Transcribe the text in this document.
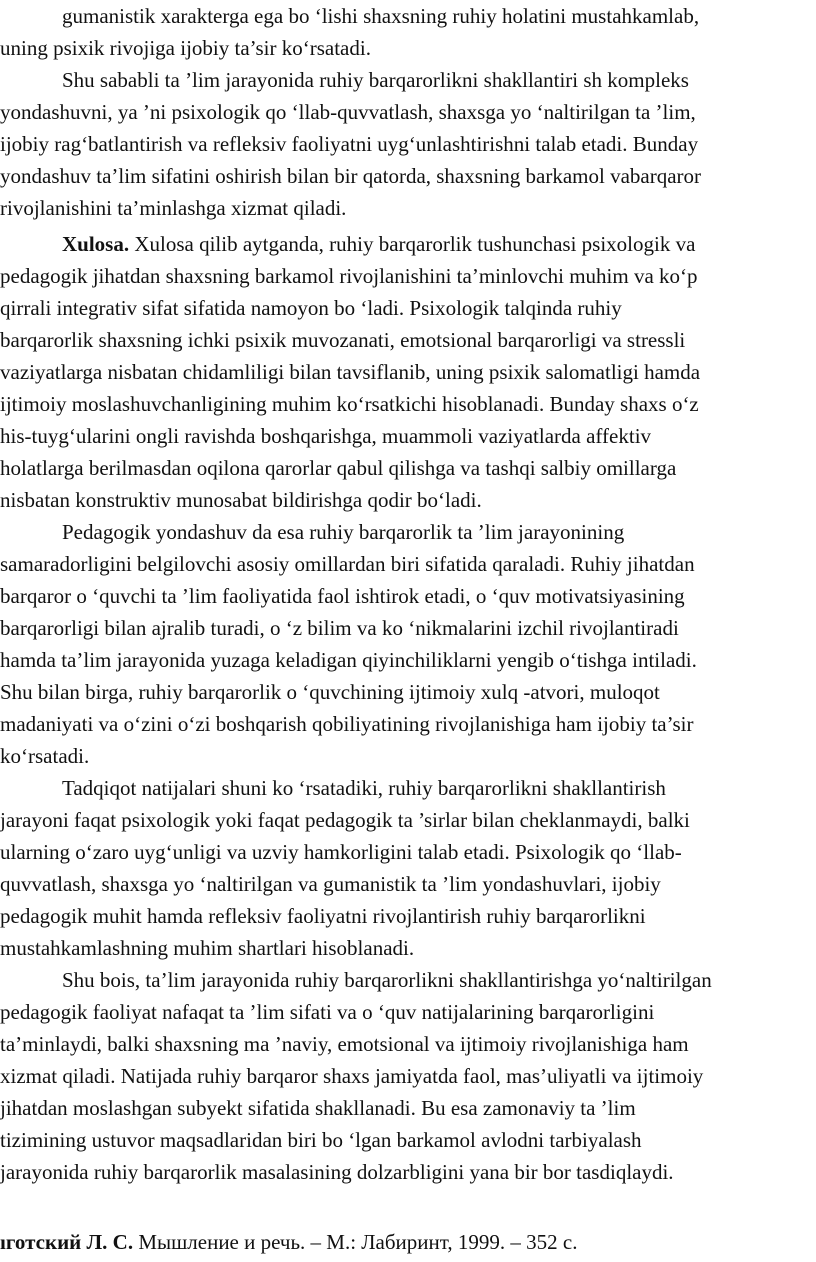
gumanistik xarakterga ega bo ‘lishi shaxsning ruhiy holatini mustahkamlab,
uning psixik rivojiga ijobiy ta’sir ko‘rsatadi.
Shu sababli ta ’lim jarayonida ruhiy barqarorlikni shakllantiri sh kompleks
yondashuvni, ya ’ni psixologik qo ‘llab-quvvatlash, shaxsga yo ‘naltirilgan ta ’lim,
ijobiy rag‘batlantirish va refleksiv faoliyatni uyg‘unlashtirishni talab etadi. Bunday
yondashuv ta’lim sifatini oshirish bilan bir qatorda, shaxsning barkamol vabarqaror
rivojlanishini ta’minlashga xizmat qiladi.
Xulosa. Xulosa qilib aytganda, ruhiy barqarorlik tushunchasi psixologik va
pedagogik jihatdan shaxsning barkamol rivojlanishini ta’minlovchi muhim va ko‘p
qirrali integrativ sifat sifatida namoyon bo ‘ladi. Psixologik talqinda ruhiy
barqarorlik shaxsning ichki psixik muvozanati, emotsional barqarorligi va stressli
vaziyatlarga nisbatan chidamliligi bilan tavsiflanib, uning psixik salomatligi hamda
ijtimoiy moslashuvchanligining muhim ko‘rsatkichi hisoblanadi. Bunday shaxs o‘z
his-tuyg‘ularini ongli ravishda boshqarishga, muammoli vaziyatlarda affektiv
holatlarga berilmasdan oqilona qarorlar qabul qilishga va tashqi salbiy omillarga
nisbatan konstruktiv munosabat bildirishga qodir bo‘ladi.
Pedagogik yondashuv da esa ruhiy barqarorlik ta ’lim jarayonining
samaradorligini belgilovchi asosiy omillardan biri sifatida qaraladi. Ruhiy jihatdan
barqaror o ‘quvchi ta ’lim faoliyatida faol ishtirok etadi, o ‘quv motivatsiyasining
barqarorligi bilan ajralib turadi, o ‘z bilim va ko ‘nikmalarini izchil rivojlantiradi
hamda ta’lim jarayonida yuzaga keladigan qiyinchiliklarni yengib o‘tishga intiladi.
Shu bilan birga, ruhiy barqarorlik o ‘quvchining ijtimoiy xulq -atvori, muloqot
madaniyati va o‘zini o‘zi boshqarish qobiliyatining rivojlanishiga ham ijobiy ta’sir
ko‘rsatadi.
Tadqiqot natijalari shuni ko ‘rsatadiki, ruhiy barqarorlikni shakllantirish
jarayoni faqat psixologik yoki faqat pedagogik ta ’sirlar bilan cheklanmaydi, balki
ularning o‘zaro uyg‘unligi va uzviy hamkorligini talab etadi. Psixologik qo ‘llab-
quvvatlash, shaxsga yo ‘naltirilgan va gumanistik ta ’lim yondashuvlari, ijobiy
pedagogik muhit hamda refleksiv faoliyatni rivojlantirish ruhiy barqarorlikni
mustahkamlashning muhim shartlari hisoblanadi.
Shu bois, ta’lim jarayonida ruhiy barqarorlikni shakllantirishga yo‘naltirilgan
pedagogik faoliyat nafaqat ta ’lim sifati va o ‘quv natijalarining barqarorligini
ta’minlaydi, balki shaxsning ma ’naviy, emotsional va ijtimoiy rivojlanishiga ham
xizmat qiladi. Natijada ruhiy barqaror shaxs jamiyatda faol, mas’uliyatli va ijtimoiy
jihatdan moslashgan subyekt sifatida shakllanadi. Bu esa zamonaviy ta ’lim
tizimining ustuvor maqsadlaridan biri bo ‘lgan barkamol avlodni tarbiyalash
jarayonida ruhiy barqarorlik masalasining dolzarbligini yana bir bor tasdiqlaydi.
ıготский Л. С. Мышление и речь. – М.: Лабиринт, 1999. – 352 с.
